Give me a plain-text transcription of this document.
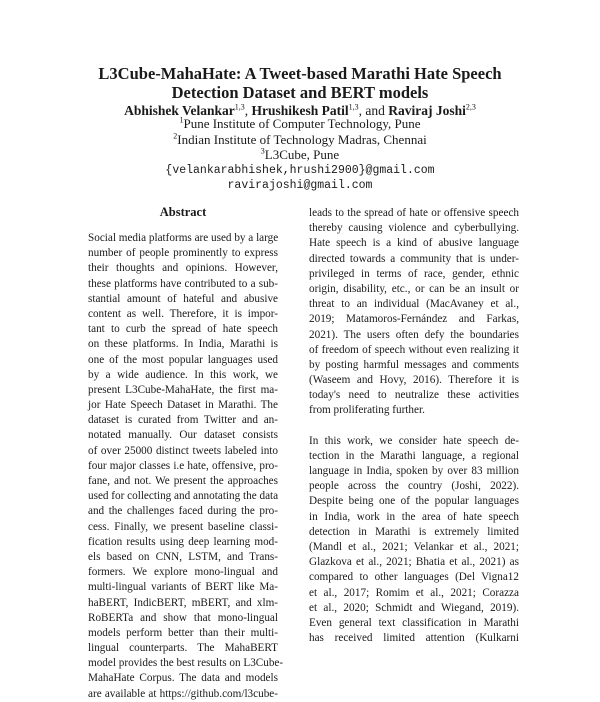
L3Cube-MahaHate: A Tweet-based Marathi Hate Speech
Detection Dataset and BERT models
Abhishek Velankar$^{1,3}$, Hrushikesh Patil$^{1,3}$, and Raviraj Joshi$^{2,3}$
$^1$Pune Institute of Computer Technology, Pune
$^2$Indian Institute of Technology Madras, Chennai
$^3$L3Cube, Pune
{velankarabhishek,hrushi2900}@gmail.com
ravirajoshi@gmail.com
Abstract
Social media platforms are used by a large
number of people prominently to express
their thoughts and opinions. However,
these platforms have contributed to a sub-
stantial amount of hateful and abusive
content as well. Therefore, it is impor-
tant to curb the spread of hate speech
on these platforms. In India, Marathi is
one of the most popular languages used
by a wide audience. In this work, we
present L3Cube-MahaHate, the first ma-
jor Hate Speech Dataset in Marathi. The
dataset is curated from Twitter and an-
notated manually. Our dataset consists
of over 25000 distinct tweets labeled into
four major classes i.e hate, offensive, pro-
fane, and not. We present the approaches
used for collecting and annotating the data
and the challenges faced during the pro-
cess. Finally, we present baseline classi-
fication results using deep learning mod-
els based on CNN, LSTM, and Trans-
formers. We explore mono-lingual and
multi-lingual variants of BERT like Ma-
haBERT, IndicBERT, mBERT, and xlm-
RoBERTa and show that mono-lingual
models perform better than their multi-
lingual counterparts. The MahaBERT
model provides the best results on L3Cube-
MahaHate Corpus. The data and models
are available at https://github.com/l3cube-
leads to the spread of hate or offensive speech
thereby causing violence and cyberbullying.
Hate speech is a kind of abusive language
directed towards a community that is under-
privileged in terms of race, gender, ethnic
origin, disability, etc., or can be an insult or
threat to an individual (MacAvaney et al.,
2019; Matamoros-Fernández and Farkas,
2021). The users often defy the boundaries
of freedom of speech without even realizing it
by posting harmful messages and comments
(Waseem and Hovy, 2016). Therefore it is
today's need to neutralize these activities
from proliferating further.
In this work, we consider hate speech de-
tection in the Marathi language, a regional
language in India, spoken by over 83 million
people across the country (Joshi, 2022).
Despite being one of the popular languages
in India, work in the area of hate speech
detection in Marathi is extremely limited
(Mandl et al., 2021; Velankar et al., 2021;
Glazkova et al., 2021; Bhatia et al., 2021) as
compared to other languages (Del Vigna12
et al., 2017; Romim et al., 2021; Corazza
et al., 2020; Schmidt and Wiegand, 2019).
Even general text classification in Marathi
has received limited attention (Kulkarni
